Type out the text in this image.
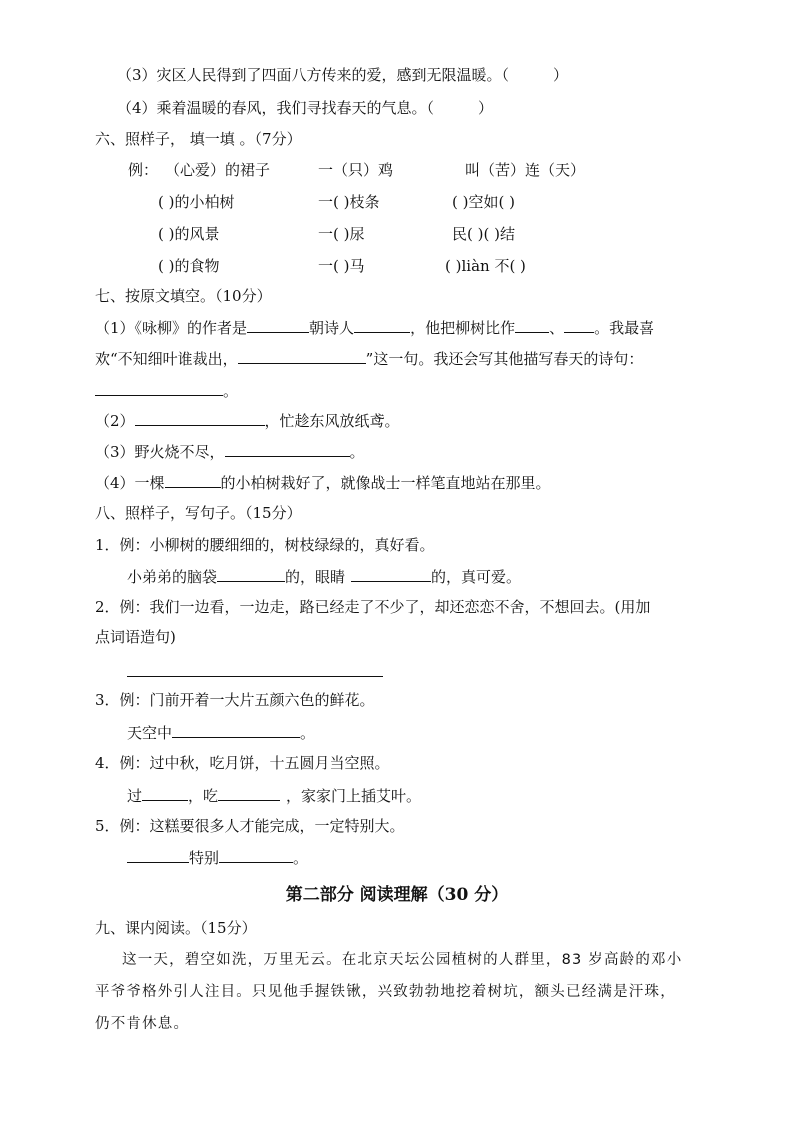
（3）灾区人民得到了四面八方传来的爱，感到无限温暖。（	）
（4）乘着温暖的春风，我们寻找春天的气息。（	）
六、照样子， 填一填 。（7分）
例： （心爱）的裙子	一（只）鸡	叫（苦）连（天）
( )的小柏树	一( )枝条	( )空如( )
( )的风景	一( )尿	民( )( )结
( )的食物	一( )马	( )liàn 不( )
七、按原文填空。（10分）
（1）《咏柳》的作者是	朝诗人	，他把柳树比作 、 。我最喜
欢“不知细叶谁裁出，	”这一句。我还会写其他描写春天的诗句：
。
（2）	，忙趁东风放纸鸢。
（3）野火烧不尽，	。
（4）一棵	的小柏树栽好了，就像战士一样笔直地站在那里。
八、照样子，写句子。（15分）
1．例：小柳树的腰细细的，树枝绿绿的，真好看。
小弟弟的脑袋	的，眼睛	的，真可爱。
2．例：我们一边看，一边走，路已经走了不少了，却还恋恋不舍，不想回去。(用加
点词语造句)
3．例：门前开着一大片五颜六色的鲜花。
天空中	。
4．例：过中秋，吃月饼，十五圆月当空照。
过	，吃	，家家门上插艾叶。
5．例：这糕要很多人才能完成，一定特别大。
特别	。
第二部分 阅读理解（30 分）
九、课内阅读。（15分）
这一天，碧空如洗，万里无云。在北京天坛公园植树的人群里，83 岁高龄的邓小
平爷爷格外引人注目。只见他手握铁锹，兴致勃勃地挖着树坑，额头已经满是汗珠，
仍不肯休息。
